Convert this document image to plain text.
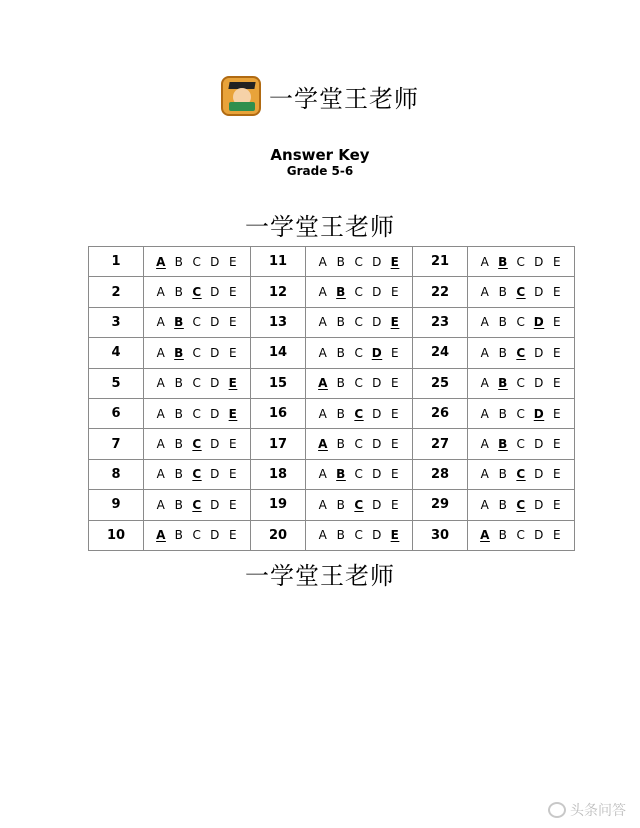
一学堂王老师
Answer Key
Grade 5-6
一学堂王老师
1	A B C D E	11	A B C D E	21	A B C D E
2	A B C D E	12	A B C D E	22	A B C D E
3	A B C D E	13	A B C D E	23	A B C D E
4	A B C D E	14	A B C D E	24	A B C D E
5	A B C D E	15	A B C D E	25	A B C D E
6	A B C D E	16	A B C D E	26	A B C D E
7	A B C D E	17	A B C D E	27	A B C D E
8	A B C D E	18	A B C D E	28	A B C D E
9	A B C D E	19	A B C D E	29	A B C D E
10	A B C D E	20	A B C D E	30	A B C D E
一学堂王老师
头条问答
